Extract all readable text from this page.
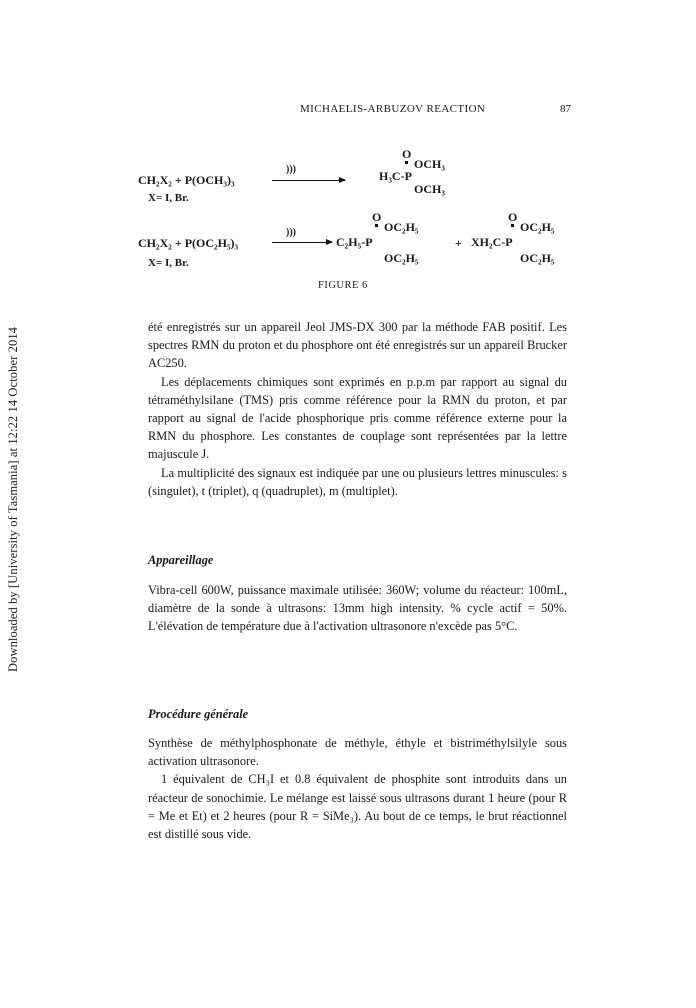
Downloaded by [University of Tasmania] at 12:22 14 October 2014
MICHAELIS-ARBUZOV REACTION	87
CH₂X₂ + P(OCH₃)₃
X= I, Br.
)))
O
OCH₃
H₃C-P
OCH₃
CH₂X₂ + P(OC₂H₅)₃
X= I, Br.
)))
O
OC₂H₅
C₂H₅-P
OC₂H₅
+
O
OC₂H₅
XH₂C-P
OC₂H₅
FIGURE 6

été enregistrés sur un appareil Jeol JMS-DX 300 par la méthode FAB positif. Les spectres RMN du proton et du phosphore ont été enregistrés sur un appareil Brucker AC250.

Les déplacements chimiques sont exprimés en p.p.m par rapport au signal du tétraméthylsilane (TMS) pris comme référence pour la RMN du proton, et par rapport au signal de l'acide phosphorique pris comme référence externe pour la RMN du phosphore. Les constantes de couplage sont représentées par la lettre majuscule J.

La multiplicité des signaux est indiquée par une ou plusieurs lettres minuscules: s (singulet), t (triplet), q (quadruplet), m (multiplet).

Appareillage

Vibra-cell 600W, puissance maximale utilisée: 360W; volume du réacteur: 100mL, diamètre de la sonde à ultrasons: 13mm high intensity. % cycle actif = 50%. L'élévation de température due à l'activation ultrasonore n'excède pas 5°C.

Procédure générale

Synthèse de méthylphosphonate de méthyle, éthyle et bistriméthylsilyle sous activation ultrasonore.

1 équivalent de CH₃I et 0.8 équivalent de phosphite sont introduits dans un réacteur de sonochimie. Le mélange est laissé sous ultrasons durant 1 heure (pour R = Me et Et) et 2 heures (pour R = SiMe₃). Au bout de ce temps, le brut réactionnel est distillé sous vide.
